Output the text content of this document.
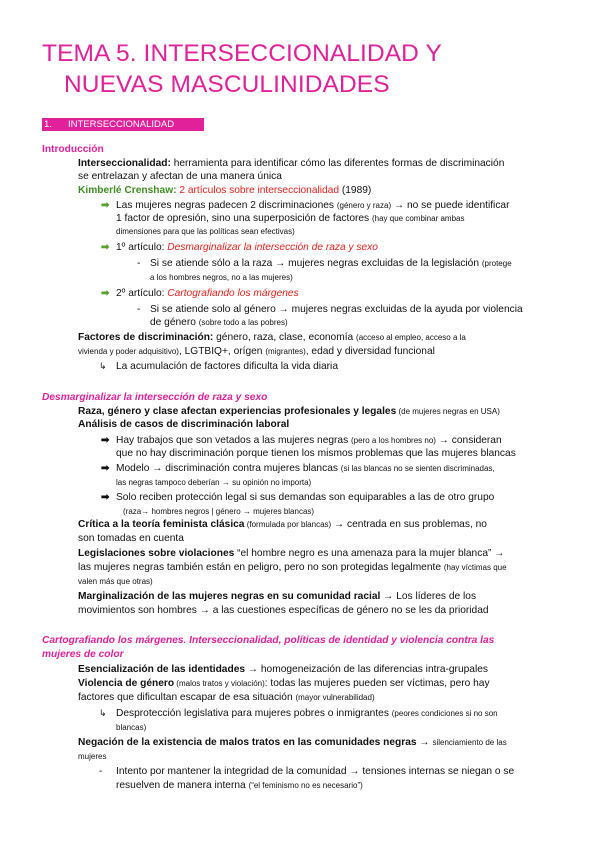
TEMA 5. INTERSECCIONALIDAD Y
NUEVAS MASCULINIDADES
1. INTERSECCIONALIDAD
Introducción
Interseccionalidad: herramienta para identificar cómo las diferentes formas de discriminación
se entrelazan y afectan de una manera única
Kimberlé Crenshaw: 2 artículos sobre interseccionalidad (1989)
➡ Las mujeres negras padecen 2 discriminaciones (género y raza) → no se puede identificar
1 factor de opresión, sino una superposición de factores (hay que combinar ambas
dimensiones para que las políticas sean efectivas)
➡ 1º artículo: Desmarginalizar la intersección de raza y sexo
- Si se atiende sólo a la raza → mujeres negras excluidas de la legislación (protege
a los hombres negros, no a las mujeres)
➡ 2º artículo: Cartografiando los márgenes
- Si se atiende solo al género → mujeres negras excluidas de la ayuda por violencia
de género (sobre todo a las pobres)
Factores de discriminación: género, raza, clase, economía (acceso al empleo, acceso a la
vivienda y poder adquisitivo), LGTBIQ+, orígen (migrantes), edad y diversidad funcional
↳ La acumulación de factores dificulta la vida diaria
Desmarginalizar la intersección de raza y sexo
Raza, género y clase afectan experiencias profesionales y legales (de mujeres negras en USA)
Análisis de casos de discriminación laboral
➡ Hay trabajos que son vetados a las mujeres negras (pero a los hombres no) → consideran
que no hay discriminación porque tienen los mismos problemas que las mujeres blancas
➡ Modelo → discriminación contra mujeres blancas (si las blancas no se sienten discriminadas,
las negras tampoco deberían → su opinión no importa)
➡ Solo reciben protección legal si sus demandas son equiparables a las de otro grupo
(raza→ hombres negros | género → mujeres blancas)
Crítica a la teoría feminista clásica (formulada por blancas) → centrada en sus problemas, no
son tomadas en cuenta
Legislaciones sobre violaciones “el hombre negro es una amenaza para la mujer blanca” →
las mujeres negras también están en peligro, pero no son protegidas legalmente (hay víctimas que
valen más que otras)
Marginalización de las mujeres negras en su comunidad racial → Los líderes de los
movimientos son hombres → a las cuestiones específicas de género no se les da prioridad
Cartografiando los márgenes. Interseccionalidad, políticas de identidad y violencia contra las
mujeres de color
Esencialización de las identidades → homogeneización de las diferencias intra-grupales
Violencia de género (malos tratos y violación): todas las mujeres pueden ser víctimas, pero hay
factores que dificultan escapar de esa situación (mayor vulnerabilidad)
↳ Desprotección legislativa para mujeres pobres o inmigrantes (peores condiciones si no son
blancas)
Negación de la existencia de malos tratos en las comunidades negras → silenciamiento de las
mujeres
- Intento por mantener la integridad de la comunidad → tensiones internas se niegan o se
resuelven de manera interna (“el feminismo no es necesario”)
